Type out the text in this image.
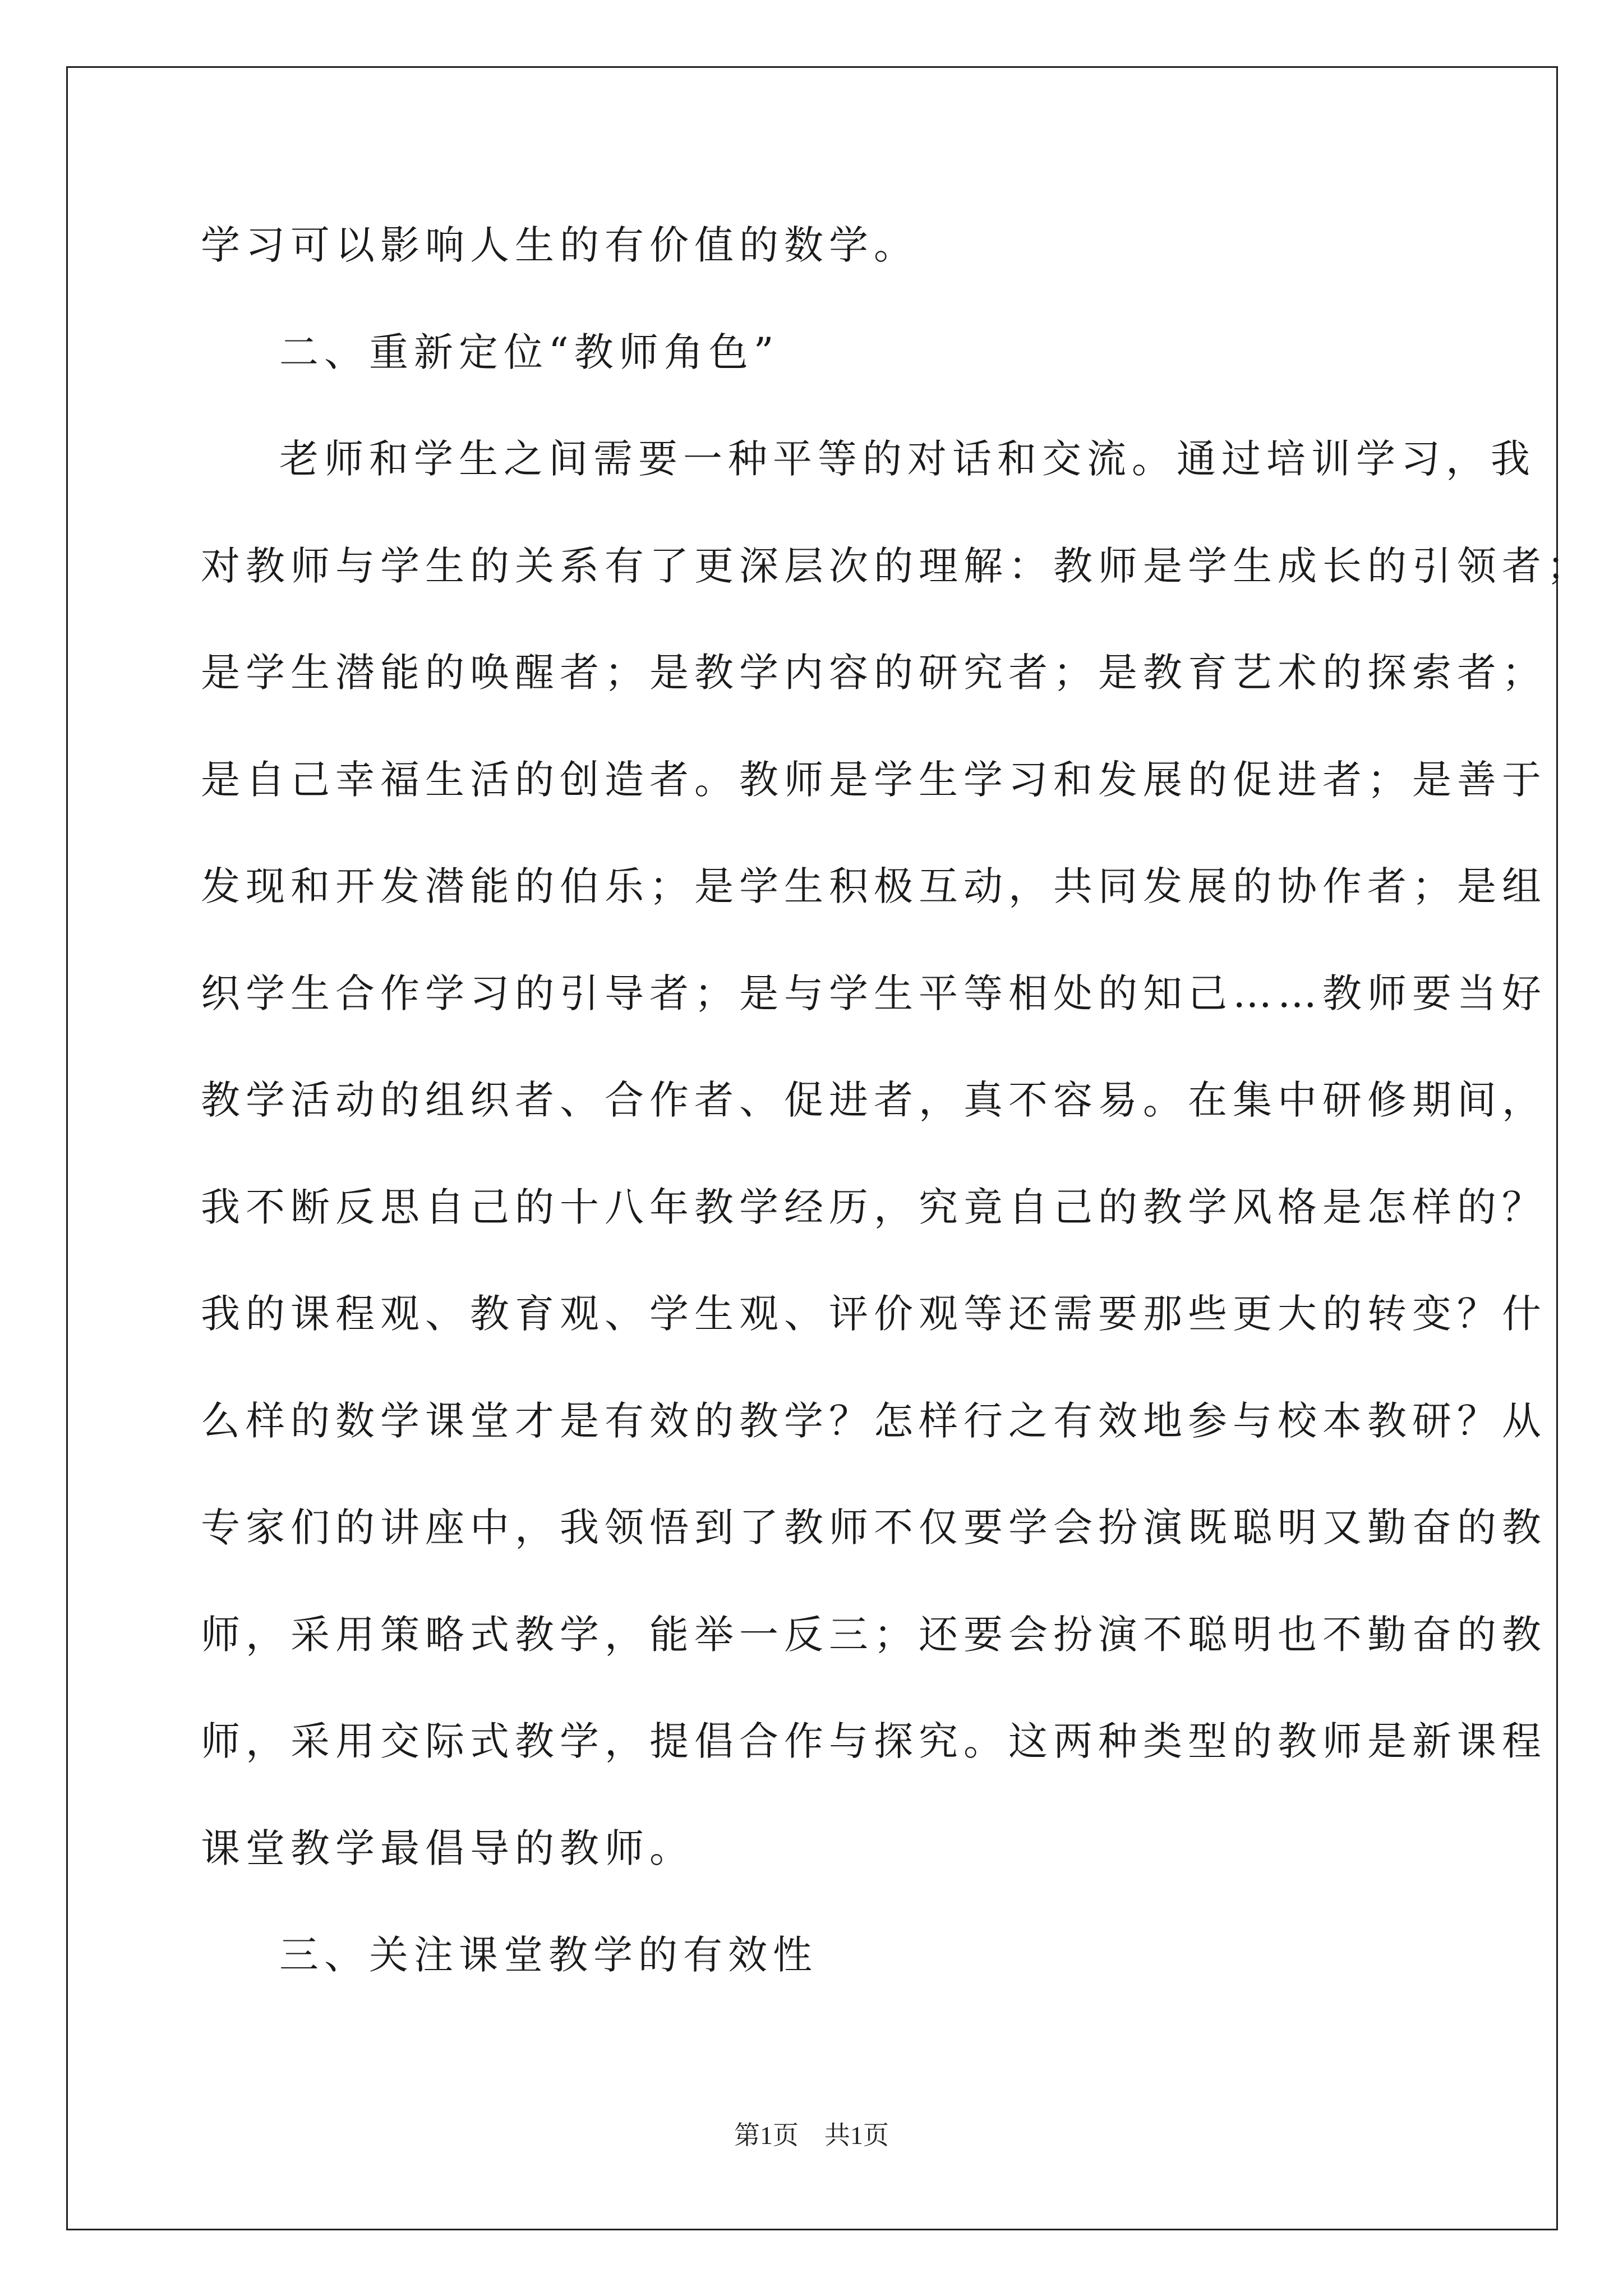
学习可以影响人生的有价值的数学。
二、重新定位“教师角色”
老师和学生之间需要一种平等的对话和交流。通过培训学习，我
对教师与学生的关系有了更深层次的理解：教师是学生成长的引领者；
是学生潜能的唤醒者；是教学内容的研究者；是教育艺术的探索者；
是自己幸福生活的创造者。教师是学生学习和发展的促进者；是善于
发现和开发潜能的伯乐；是学生积极互动，共同发展的协作者；是组
织学生合作学习的引导者；是与学生平等相处的知己……教师要当好
教学活动的组织者、合作者、促进者，真不容易。在集中研修期间，
我不断反思自己的十八年教学经历，究竟自己的教学风格是怎样的？
我的课程观、教育观、学生观、评价观等还需要那些更大的转变？什
么样的数学课堂才是有效的教学？怎样行之有效地参与校本教研？从
专家们的讲座中，我领悟到了教师不仅要学会扮演既聪明又勤奋的教
师，采用策略式教学，能举一反三；还要会扮演不聪明也不勤奋的教
师，采用交际式教学，提倡合作与探究。这两种类型的教师是新课程
课堂教学最倡导的教师。
三、关注课堂教学的有效性
第1页　共1页
